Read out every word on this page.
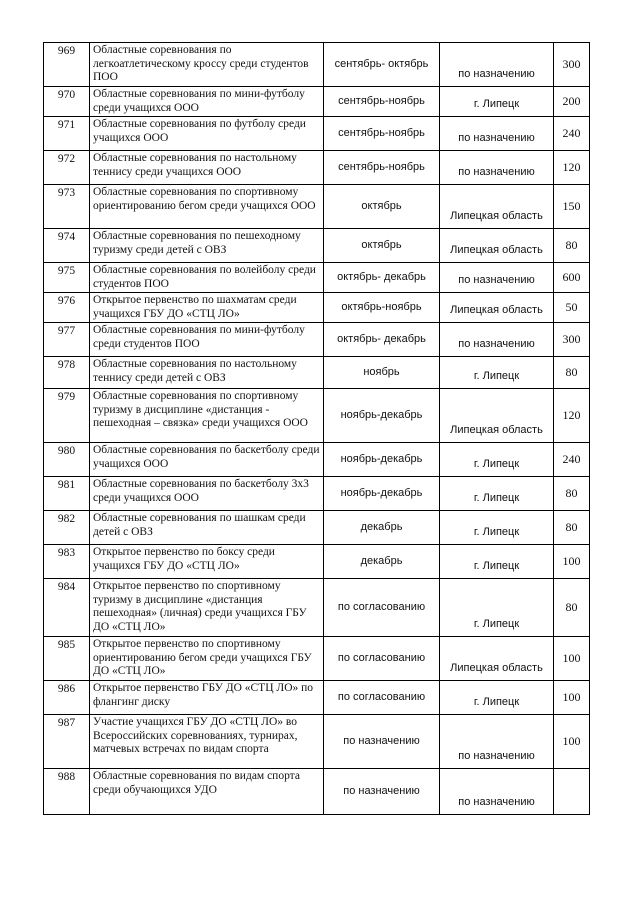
969	Областные соревнования по легкоатлетическому кроссу среди студентов ПОО	сентябрь- октябрь	по назначению	300
970	Областные соревнования по мини-футболу среди учащихся ООО	сентябрь-ноябрь	г. Липецк	200
971	Областные соревнования по футболу среди учащихся ООО	сентябрь-ноябрь	по назначению	240
972	Областные соревнования по настольному теннису среди учащихся ООО	сентябрь-ноябрь	по назначению	120
973	Областные соревнования по спортивному ориентированию бегом среди учащихся ООО	октябрь	Липецкая область	150
974	Областные соревнования по пешеходному туризму среди детей с ОВЗ	октябрь	Липецкая область	80
975	Областные соревнования по волейболу среди студентов ПОО	октябрь- декабрь	по назначению	600
976	Открытое первенство по шахматам среди учащихся ГБУ ДО «СТЦ ЛО»	октябрь-ноябрь	Липецкая область	50
977	Областные соревнования по мини-футболу среди студентов ПОО	октябрь- декабрь	по назначению	300
978	Областные соревнования по настольному теннису среди детей с ОВЗ	ноябрь	г. Липецк	80
979	Областные соревнования по спортивному туризму в дисциплине «дистанция - пешеходная – связка» среди учащихся ООО	ноябрь-декабрь	Липецкая область	120
980	Областные соревнования по баскетболу среди учащихся ООО	ноябрь-декабрь	г. Липецк	240
981	Областные соревнования по баскетболу 3х3 среди учащихся ООО	ноябрь-декабрь	г. Липецк	80
982	Областные соревнования по шашкам среди детей с ОВЗ	декабрь	г. Липецк	80
983	Открытое первенство по боксу среди учащихся ГБУ ДО «СТЦ ЛО»	декабрь	г. Липецк	100
984	Открытое первенство по спортивному туризму в дисциплине «дистанция пешеходная» (личная) среди учащихся ГБУ ДО «СТЦ ЛО»	по согласованию	г. Липецк	80
985	Открытое первенство по спортивному ориентированию бегом среди учащихся ГБУ ДО «СТЦ ЛО»	по согласованию	Липецкая область	100
986	Открытое первенство ГБУ ДО «СТЦ ЛО» по флангинг диску	по согласованию	г. Липецк	100
987	Участие учащихся ГБУ ДО «СТЦ ЛО» во Всероссийских соревнованиях, турнирах, матчевых встречах по видам спорта	по назначению	по назначению	100
988	Областные соревнования по видам спорта среди обучающихся УДО	по назначению	по назначению	
